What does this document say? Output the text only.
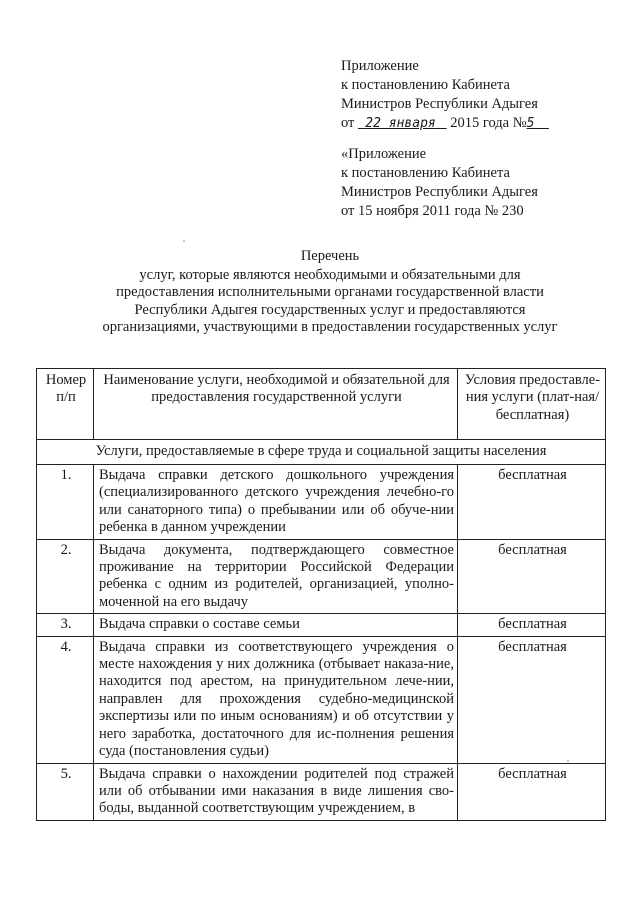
Приложение
к постановлению Кабинета
Министров Республики Адыгея
от 22 января 2015 года №5
«Приложение
к постановлению Кабинета
Министров Республики Адыгея
от 15 ноября 2011 года № 230
Перечень
услуг, которые являются необходимыми и обязательными для
предоставления исполнительными органами государственной власти
Республики Адыгея государственных услуг и предоставляются
организациями, участвующими в предоставлении государственных услуг
Номер п/п	Наименование услуги, необходимой и обязательной для предоставления государственной услуги	Условия предоставле-ния услуги (плат-ная/бесплатная)
Услуги, предоставляемые в сфере труда и социальной защиты населения		
1.	Выдача справки детского дошкольного учреждения (специализированного детского учреждения лечебно-го или санаторного типа) о пребывании или об обуче-нии ребенка в данном учреждении	бесплатная
2.	Выдача документа, подтверждающего совместное проживание на территории Российской Федерации ребенка с одним из родителей, организацией, уполно-моченной на его выдачу	бесплатная
3.	Выдача справки о составе семьи	бесплатная
4.	Выдача справки из соответствующего учреждения о месте нахождения у них должника (отбывает наказа-ние, находится под арестом, на принудительном лече-нии, направлен для прохождения судебно-медицинской экспертизы или по иным основаниям) и об отсутствии у него заработка, достаточного для ис-полнения решения суда (постановления судьи)	бесплатная
5.	Выдача справки о нахождении родителей под стражей или об отбывании ими наказания в виде лишения сво-боды, выданной соответствующим учреждением, в	бесплатная
